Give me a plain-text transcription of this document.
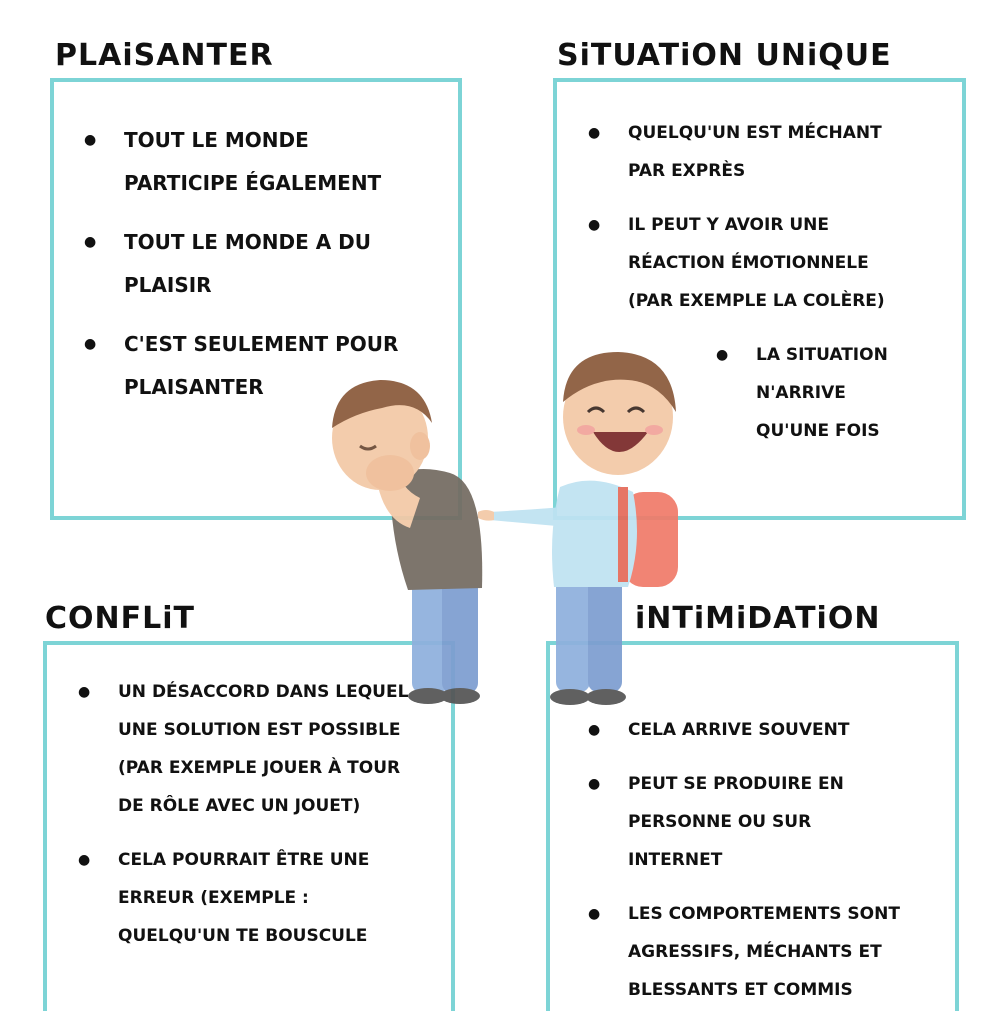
PLAiSANTER	SiTUATiON UNiQUE
CONFLiT	iNTiMiDATiON
● TOUT LE MONDE PARTICIPE ÉGALEMENT
● TOUT LE MONDE A DU PLAISIR
● C'EST SEULEMENT POUR PLAISANTER
● QUELQU'UN EST MÉCHANT PAR EXPRÈS
● IL PEUT Y AVOIR UNE RÉACTION ÉMOTIONNELE (PAR EXEMPLE LA COLÈRE)
● LA SITUATION N'ARRIVE QU'UNE FOIS
● UN DÉSACCORD DANS LEQUEL UNE SOLUTION EST POSSIBLE (PAR EXEMPLE JOUER À TOUR DE RÔLE AVEC UN JOUET)
● CELA POURRAIT ÊTRE UNE ERREUR (EXEMPLE : QUELQU'UN TE BOUSCULE
● CELA ARRIVE SOUVENT
● PEUT SE PRODUIRE EN PERSONNE OU SUR INTERNET
● LES COMPORTEMENTS SONT AGRESSIFS, MÉCHANTS ET BLESSANTS ET COMMIS
